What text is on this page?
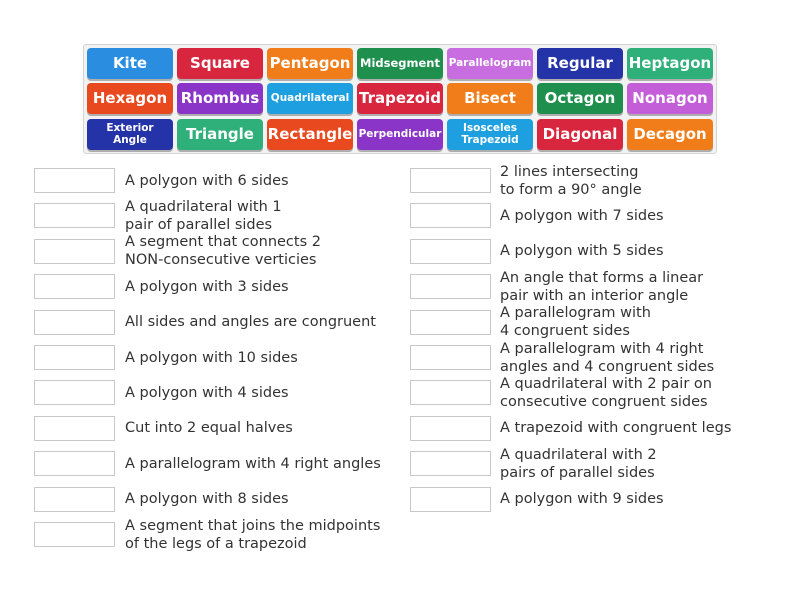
Kite	Square	Pentagon Midsegment Parallelogram	Regular	Heptagon
Hexagon Rhombus	Quadrilateral Trapezoid	Bisect	Octagon	Nonagon
Exterior
Angle	Triangle Rectangle Perpendicular	Isosceles
Trapezoid	Diagonal	Decagon
A polygon with 6 sides
A quadrilateral with 1
pair of parallel sides
A segment that connects 2
NON-consecutive verticies
A polygon with 3 sides
All sides and angles are congruent
A polygon with 10 sides
A polygon with 4 sides
Cut into 2 equal halves
A parallelogram with 4 right angles
A polygon with 8 sides
A segment that joins the midpoints
of the legs of a trapezoid
2 lines intersecting
to form a 90° angle
A polygon with 7 sides
A polygon with 5 sides
An angle that forms a linear
pair with an interior angle
A parallelogram with
4 congruent sides
A parallelogram with 4 right
angles and 4 congruent sides
A quadrilateral with 2 pair on
consecutive congruent sides
A trapezoid with congruent legs
A quadrilateral with 2
pairs of parallel sides
A polygon with 9 sides
